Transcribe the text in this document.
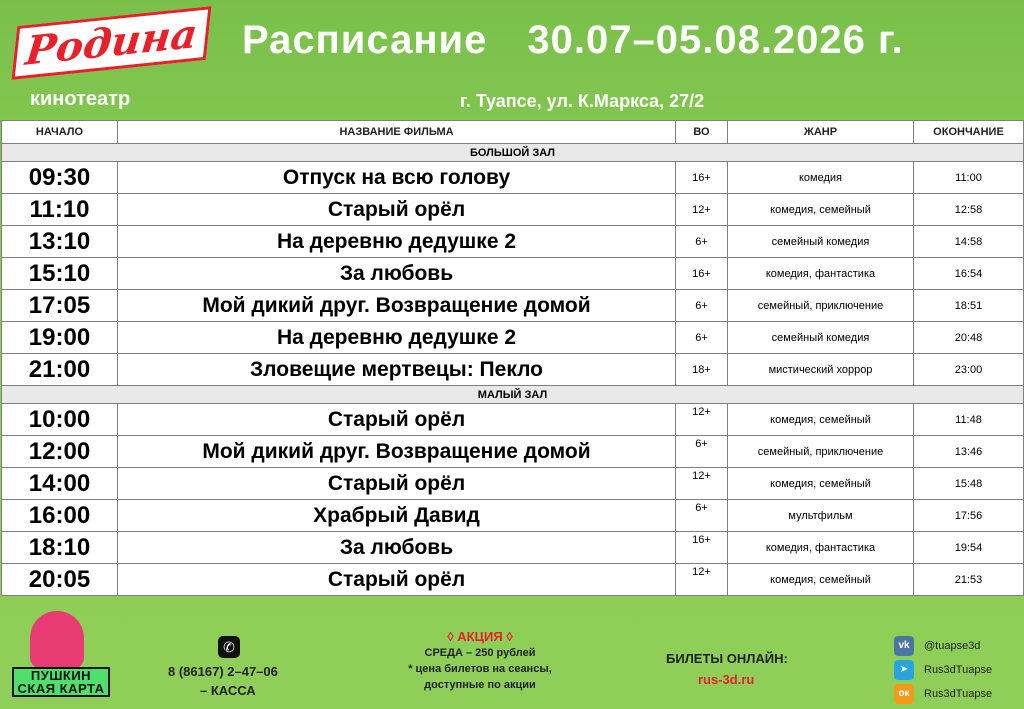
Родина
кинотеатр
Расписание 30.07–05.08.2026 г.
г. Туапсе, ул. К.Маркса, 27/2
НАЧАЛО	НАЗВАНИЕ ФИЛЬМА	ВО	ЖАНР	ОКОНЧАНИЕ
БОЛЬШОЙ ЗАЛ				
09:30	Отпуск на всю голову	16+	комедия	11:00
11:10	Старый орёл	12+	комедия, семейный	12:58
13:10	На деревню дедушке 2	6+	семейный комедия	14:58
15:10	За любовь	16+	комедия, фантастика	16:54
17:05	Мой дикий друг. Возвращение домой	6+	семейный, приключение	18:51
19:00	На деревню дедушке 2	6+	семейный комедия	20:48
21:00	Зловещие мертвецы: Пекло	18+	мистический хоррор	23:00
МАЛЫЙ ЗАЛ				
10:00	Старый орёл	12+	комедия, семейный	11:48
12:00	Мой дикий друг. Возвращение домой	6+	семейный, приключение	13:46
14:00	Старый орёл	12+	комедия, семейный	15:48
16:00	Храбрый Давид	6+	мультфильм	17:56
18:10	За любовь	16+	комедия, фантастика	19:54
20:05	Старый орёл	12+	комедия, семейный	21:53
ПУШКИН СКАЯ КАРТА
✆
8 (86167) 2–47–06
– КАССА
◊ АКЦИЯ ◊
СРЕДА – 250 рублей
* цена билетов на сеансы,
доступные по акции
БИЛЕТЫ ОНЛАЙН:
rus-3d.ru
vk	@tuapse3d
➤	Rus3dTuapse
ок	Rus3dTuapse
